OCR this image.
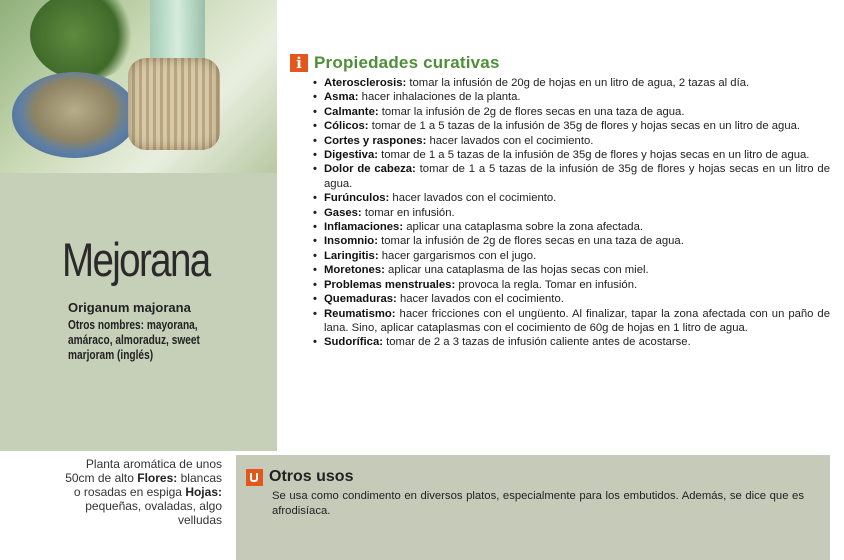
Mejorana
Origanum majorana
Otros nombres: mayorana, amáraco, almoraduz, sweet marjoram (inglés)
Planta aromática de unos 50cm de alto Flores: blancas o rosadas en espiga Hojas: pequeñas, ovaladas, algo velludas
i Propiedades curativas
• Aterosclerosis: tomar la infusión de 20g de hojas en un litro de agua, 2 tazas al día.
• Asma: hacer inhalaciones de la planta.
• Calmante: tomar la infusión de 2g de flores secas en una taza de agua.
• Cólicos: tomar de 1 a 5 tazas de la infusión de 35g de flores y hojas secas en un litro de agua.
• Cortes y raspones: hacer lavados con el cocimiento.
• Digestiva: tomar de 1 a 5 tazas de la infusión de 35g de flores y hojas secas en un litro de agua.
• Dolor de cabeza: tomar de 1 a 5 tazas de la infusión de 35g de flores y hojas secas en un litro de agua.
• Furúnculos: hacer lavados con el cocimiento.
• Gases: tomar en infusión.
• Inflamaciones: aplicar una cataplasma sobre la zona afectada.
• Insomnio: tomar la infusión de 2g de flores secas en una taza de agua.
• Laringitis: hacer gargarismos con el jugo.
• Moretones: aplicar una cataplasma de las hojas secas con miel.
• Problemas menstruales: provoca la regla. Tomar en infusión.
• Quemaduras: hacer lavados con el cocimiento.
• Reumatismo: hacer fricciones con el ungüento. Al finalizar, tapar la zona afectada con un paño de lana. Sino, aplicar cataplasmas con el cocimiento de 60g de hojas en 1 litro de agua.
• Sudorífica: tomar de 2 a 3 tazas de infusión caliente antes de acostarse.
Otros usos
Se usa como condimento en diversos platos, especialmente para los embutidos. Además, se dice que es afrodisíaca.
